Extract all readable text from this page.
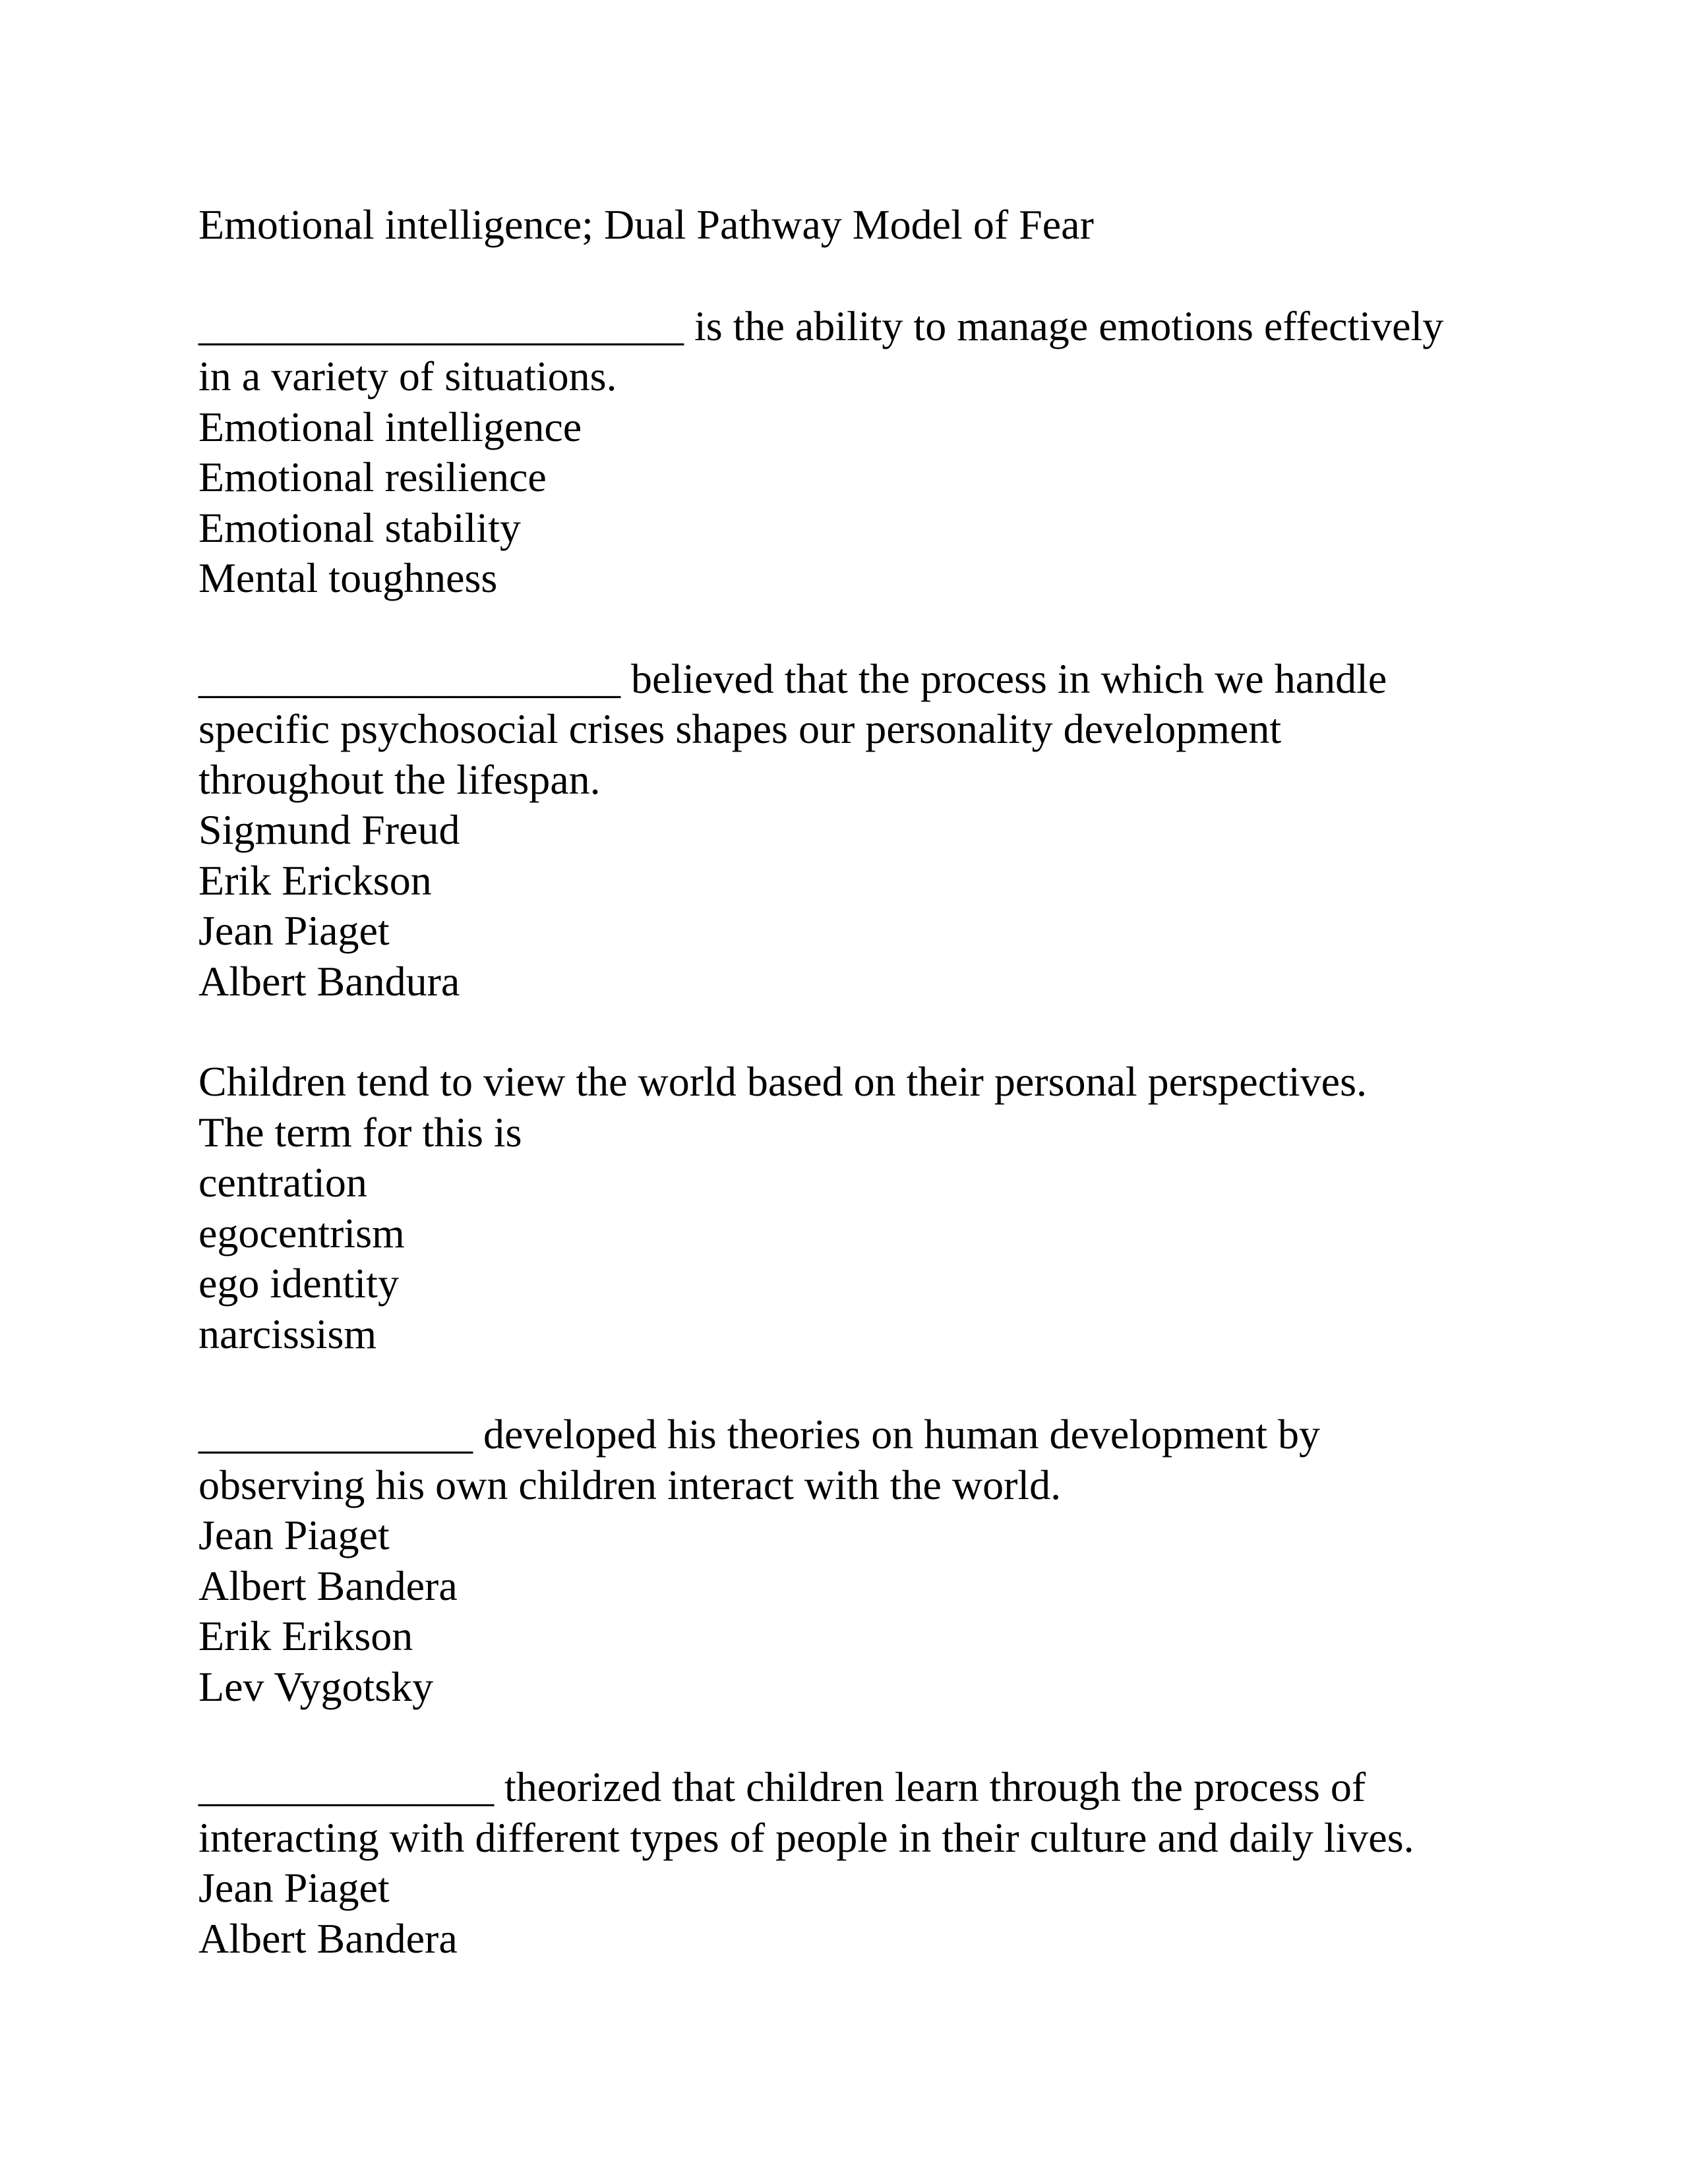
Emotional intelligence; Dual Pathway Model of Fear
_______________________ is the ability to manage emotions effectively
in a variety of situations.
Emotional intelligence
Emotional resilience
Emotional stability
Mental toughness
____________________ believed that the process in which we handle
specific psychosocial crises shapes our personality development
throughout the lifespan.
Sigmund Freud
Erik Erickson
Jean Piaget
Albert Bandura
Children tend to view the world based on their personal perspectives.
The term for this is
centration
egocentrism
ego identity
narcissism
_____________ developed his theories on human development by
observing his own children interact with the world.
Jean Piaget
Albert Bandera
Erik Erikson
Lev Vygotsky
______________ theorized that children learn through the process of
interacting with different types of people in their culture and daily lives.
Jean Piaget
Albert Bandera
